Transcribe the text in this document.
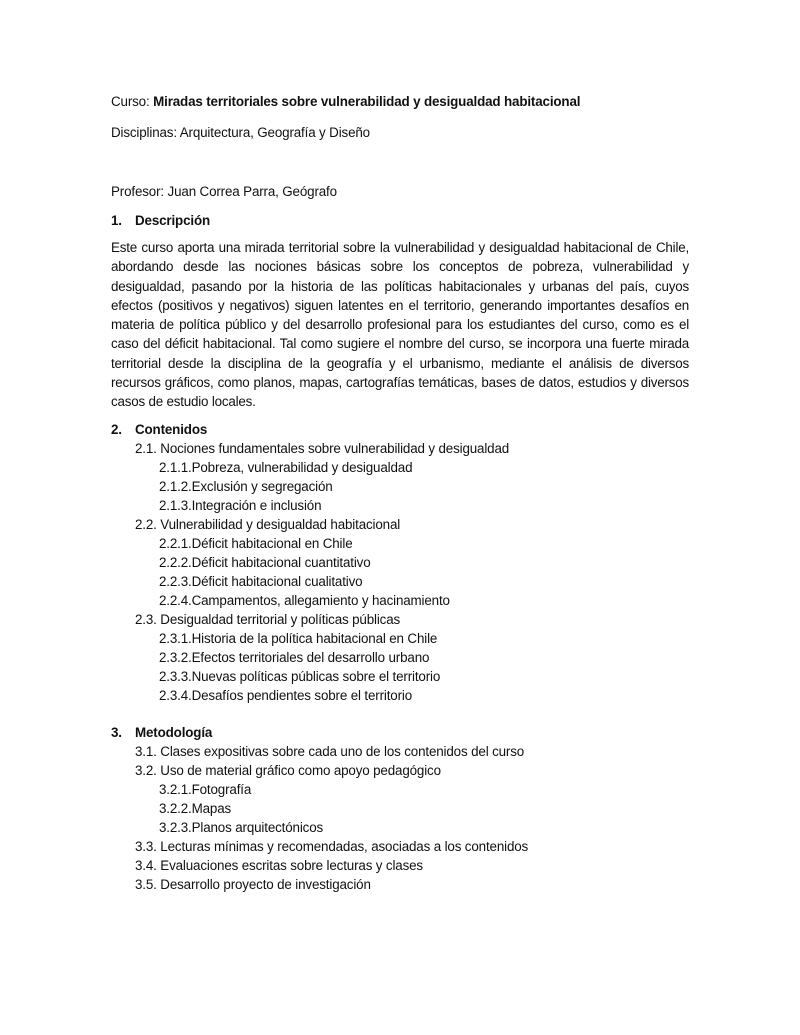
Curso: Miradas territoriales sobre vulnerabilidad y desigualdad habitacional
Disciplinas: Arquitectura, Geografía y Diseño
Profesor: Juan Correa Parra, Geógrafo
1. Descripción
Este curso aporta una mirada territorial sobre la vulnerabilidad y desigualdad habitacional de Chile, abordando desde las nociones básicas sobre los conceptos de pobreza, vulnerabilidad y desigualdad, pasando por la historia de las políticas habitacionales y urbanas del país, cuyos efectos (positivos y negativos) siguen latentes en el territorio, generando importantes desafíos en materia de política público y del desarrollo profesional para los estudiantes del curso, como es el caso del déficit habitacional. Tal como sugiere el nombre del curso, se incorpora una fuerte mirada territorial desde la disciplina de la geografía y el urbanismo, mediante el análisis de diversos recursos gráficos, como planos, mapas, cartografías temáticas, bases de datos, estudios y diversos casos de estudio locales.
2. Contenidos
2.1. Nociones fundamentales sobre vulnerabilidad y desigualdad
2.1.1.Pobreza, vulnerabilidad y desigualdad
2.1.2.Exclusión y segregación
2.1.3.Integración e inclusión
2.2. Vulnerabilidad y desigualdad habitacional
2.2.1.Déficit habitacional en Chile
2.2.2.Déficit habitacional cuantitativo
2.2.3.Déficit habitacional cualitativo
2.2.4.Campamentos, allegamiento y hacinamiento
2.3. Desigualdad territorial y políticas públicas
2.3.1.Historia de la política habitacional en Chile
2.3.2.Efectos territoriales del desarrollo urbano
2.3.3.Nuevas políticas públicas sobre el territorio
2.3.4.Desafíos pendientes sobre el territorio
3. Metodología
3.1. Clases expositivas sobre cada uno de los contenidos del curso
3.2. Uso de material gráfico como apoyo pedagógico
3.2.1.Fotografía
3.2.2.Mapas
3.2.3.Planos arquitectónicos
3.3. Lecturas mínimas y recomendadas, asociadas a los contenidos
3.4. Evaluaciones escritas sobre lecturas y clases
3.5. Desarrollo proyecto de investigación
